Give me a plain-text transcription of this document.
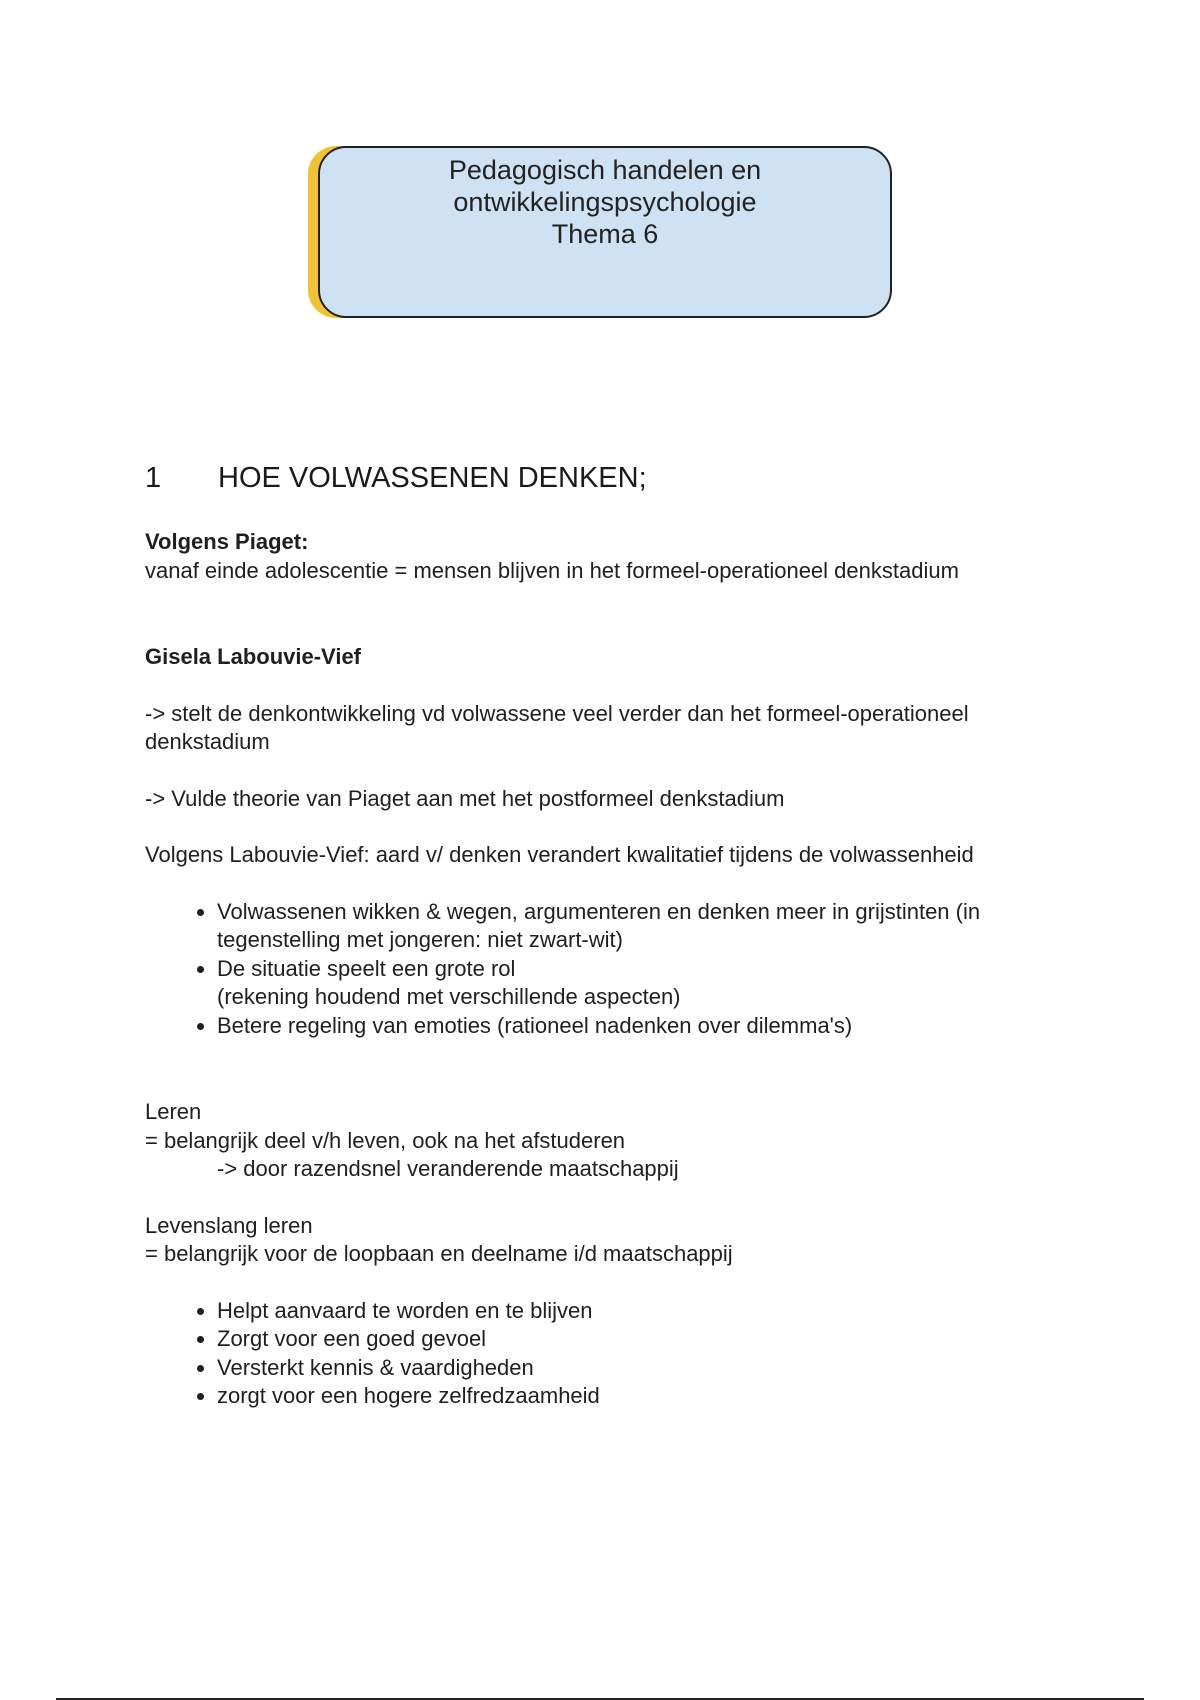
Pedagogisch handelen en
ontwikkelingspsychologie
Thema 6
1 HOE VOLWASSENEN DENKEN;

Volgens Piaget:

vanaf einde adolescentie = mensen blijven in het formeel-operationeel denkstadium

Gisela Labouvie-Vief

-> stelt de denkontwikkeling vd volwassene veel verder dan het formeel-operationeel denkstadium

-> Vulde theorie van Piaget aan met het postformeel denkstadium

Volgens Labouvie-Vief: aard v/ denken verandert kwalitatief tijdens de volwassenheid

• Volwassenen wikken & wegen, argumenteren en denken meer in grijstinten (in tegenstelling met jongeren: niet zwart-wit)
• De situatie speelt een grote rol
(rekening houdend met verschillende aspecten)
• Betere regeling van emoties (rationeel nadenken over dilemma's)

Leren

= belangrijk deel v/h leven, ook na het afstuderen

-> door razendsnel veranderende maatschappij

Levenslang leren

= belangrijk voor de loopbaan en deelname i/d maatschappij

• Helpt aanvaard te worden en te blijven
• Zorgt voor een goed gevoel
• Versterkt kennis & vaardigheden
• zorgt voor een hogere zelfredzaamheid
